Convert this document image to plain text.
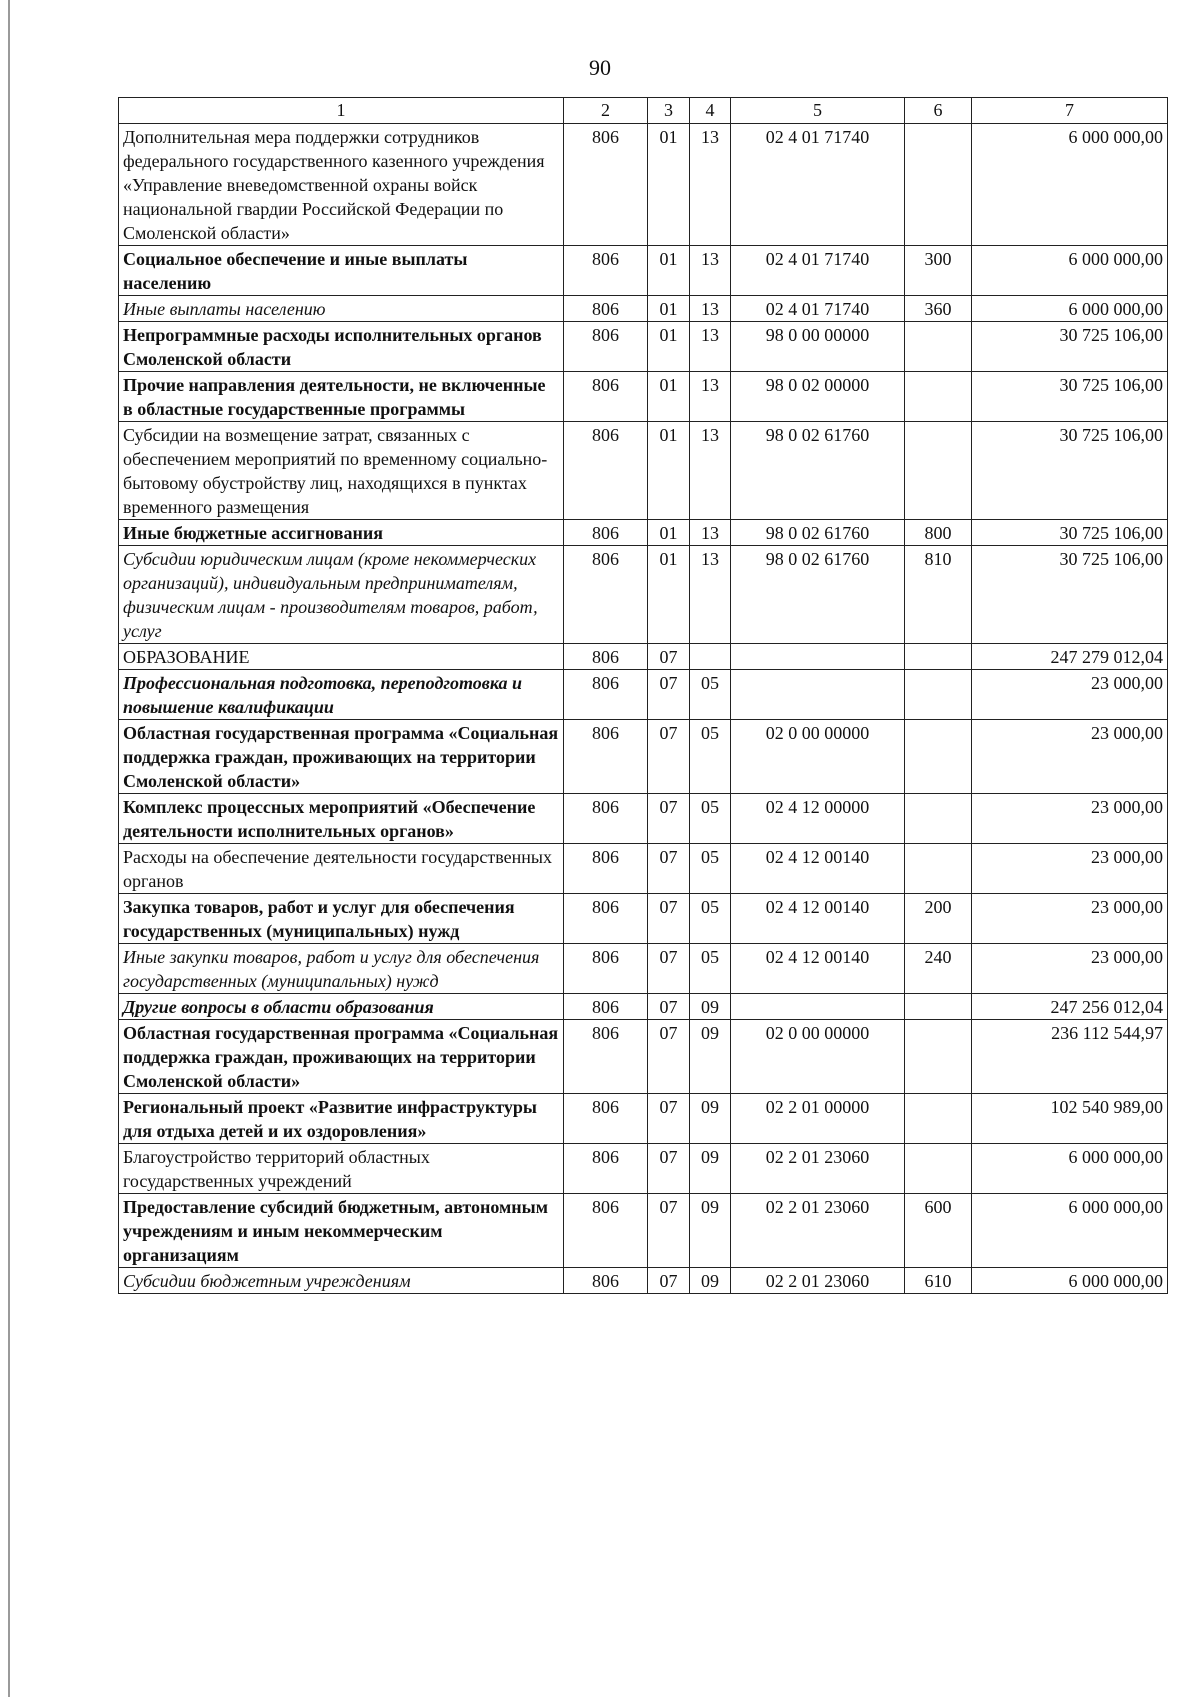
90
1	2	3	4	5	6	7
Дополнительная мера поддержки сотрудников федерального государственного казенного учреждения «Управление вневедомственной охраны войск национальной гвардии Российской Федерации по Смоленской области»	806	01	13	02 4 01 71740		6 000 000,00
Социальное обеспечение и иные выплаты населению	806	01	13	02 4 01 71740	300	6 000 000,00
Иные выплаты населению	806	01	13	02 4 01 71740	360	6 000 000,00
Непрограммные расходы исполнительных органов Смоленской области	806	01	13	98 0 00 00000		30 725 106,00
Прочие направления деятельности, не включенные в областные государственные программы	806	01	13	98 0 02 00000		30 725 106,00
Субсидии на возмещение затрат, связанных с обеспечением мероприятий по временному социально-бытовому обустройству лиц, находящихся в пунктах временного размещения	806	01	13	98 0 02 61760		30 725 106,00
Иные бюджетные ассигнования	806	01	13	98 0 02 61760	800	30 725 106,00
Субсидии юридическим лицам (кроме некоммерческих организаций), индивидуальным предпринимателям, физическим лицам - производителям товаров, работ, услуг	806	01	13	98 0 02 61760	810	30 725 106,00
ОБРАЗОВАНИЕ	806	07				247 279 012,04
Профессиональная подготовка, переподготовка и повышение квалификации	806	07	05			23 000,00
Областная государственная программа «Социальная поддержка граждан, проживающих на территории Смоленской области»	806	07	05	02 0 00 00000		23 000,00
Комплекс процессных мероприятий «Обеспечение деятельности исполнительных органов»	806	07	05	02 4 12 00000		23 000,00
Расходы на обеспечение деятельности государственных органов	806	07	05	02 4 12 00140		23 000,00
Закупка товаров, работ и услуг для обеспечения государственных (муниципальных) нужд	806	07	05	02 4 12 00140	200	23 000,00
Иные закупки товаров, работ и услуг для обеспечения государственных (муниципальных) нужд	806	07	05	02 4 12 00140	240	23 000,00
Другие вопросы в области образования	806	07	09			247 256 012,04
Областная государственная программа «Социальная поддержка граждан, проживающих на территории Смоленской области»	806	07	09	02 0 00 00000		236 112 544,97
Региональный проект «Развитие инфраструктуры для отдыха детей и их оздоровления»	806	07	09	02 2 01 00000		102 540 989,00
Благоустройство территорий областных государственных учреждений	806	07	09	02 2 01 23060		6 000 000,00
Предоставление субсидий бюджетным, автономным учреждениям и иным некоммерческим организациям	806	07	09	02 2 01 23060	600	6 000 000,00
Субсидии бюджетным учреждениям	806	07	09	02 2 01 23060	610	6 000 000,00
